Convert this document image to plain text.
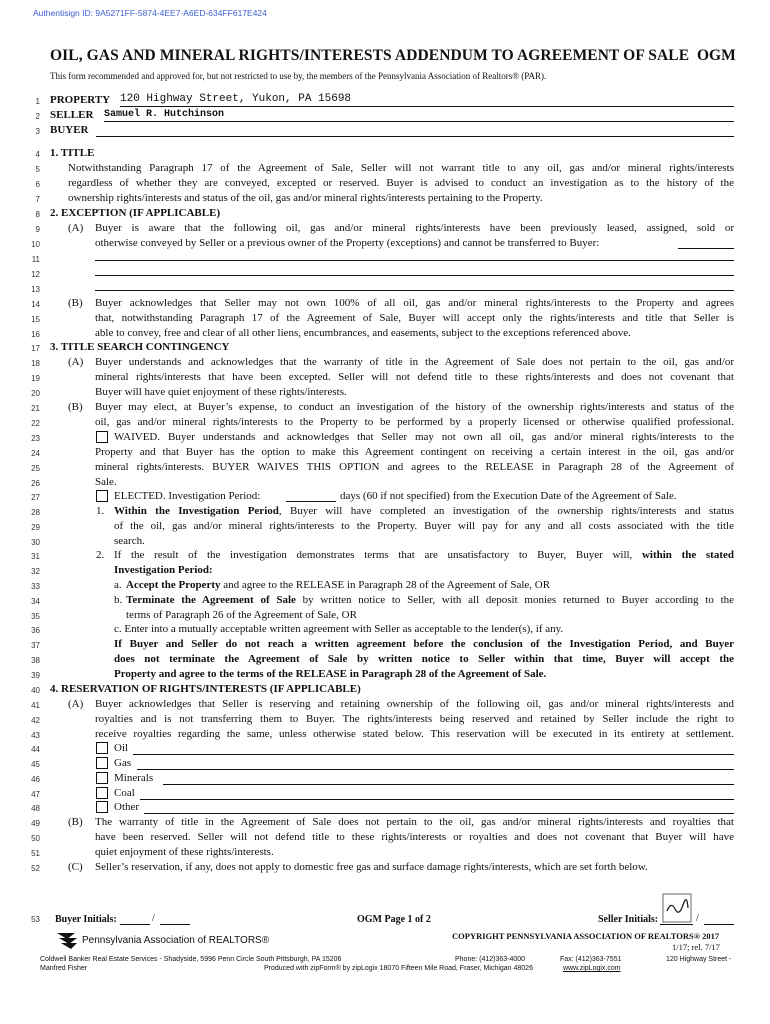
Authentisign ID: 9A5271FF-5874-4EE7-A6ED-634FF617E424
OIL, GAS AND MINERAL RIGHTS/INTERESTS ADDENDUM TO AGREEMENT OF SALE OGM
This form recommended and approved for, but not restricted to use by, the members of the Pennsylvania Association of Realtors® (PAR).
1
2
3
4
5
6
7
8
9
10
11
12
13
14
15
16
17
18
19
20
21
22
23
24
25
26
27
28
29
30
31
32
33
34
35
36
37
38
39
40
41
42
43
44
45
46
47
48
49
50
51
52
PROPERTY 120 Highway Street, Yukon, PA 15698
SELLER Samuel R. Hutchinson
BUYER
1. TITLE
Notwithstanding Paragraph 17 of the Agreement of Sale, Seller will not warrant title to any oil, gas and/or mineral rights/interests
regardless of whether they are conveyed, excepted or reserved. Buyer is advised to conduct an investigation as to the history of the
ownership rights/interests and status of the oil, gas and/or mineral rights/interests pertaining to the Property.
2. EXCEPTION (IF APPLICABLE)
(A) Buyer is aware that the following oil, gas and/or mineral rights/interests have been previously leased, assigned, sold or
otherwise conveyed by Seller or a previous owner of the Property (exceptions) and cannot be transferred to Buyer:
(B) Buyer acknowledges that Seller may not own 100% of all oil, gas and/or mineral rights/interests to the Property and agrees
that, notwithstanding Paragraph 17 of the Agreement of Sale, Buyer will accept only the rights/interests and title that Seller is
able to convey, free and clear of all other liens, encumbrances, and easements, subject to the exceptions referenced above.
3. TITLE SEARCH CONTINGENCY
(A) Buyer understands and acknowledges that the warranty of title in the Agreement of Sale does not pertain to the oil, gas and/or
mineral rights/interests that have been excepted. Seller will not defend title to these rights/interests and does not covenant that
Buyer will have quiet enjoyment of these rights/interests.
(B) Buyer may elect, at Buyer’s expense, to conduct an investigation of the history of the ownership rights/interests and status of the
oil, gas and/or mineral rights/interests to the Property to be performed by a properly licensed or otherwise qualified professional.
WAIVED. Buyer understands and acknowledges that Seller may not own all oil, gas and/or mineral rights/interests to the
Property and that Buyer has the option to make this Agreement contingent on receiving a certain interest in the oil, gas and/or
mineral rights/interests. BUYER WAIVES THIS OPTION and agrees to the RELEASE in Paragraph 28 of the Agreement of
Sale.
ELECTED. Investigation Period:	days (60 if not specified) from the Execution Date of the Agreement of Sale.
1. Within the Investigation Period, Buyer will have completed an investigation of the ownership rights/interests and status
of the oil, gas and/or mineral rights/interests to the Property. Buyer will pay for any and all costs associated with the title
search.
2. If the result of the investigation demonstrates terms that are unsatisfactory to Buyer, Buyer will, within the stated
Investigation Period:
a. Accept the Property and agree to the RELEASE in Paragraph 28 of the Agreement of Sale, OR
b. Terminate the Agreement of Sale by written notice to Seller, with all deposit monies returned to Buyer according to the
terms of Paragraph 26 of the Agreement of Sale, OR
c. Enter into a mutually acceptable written agreement with Seller as acceptable to the lender(s), if any.
If Buyer and Seller do not reach a written agreement before the conclusion of the Investigation Period, and Buyer
does not terminate the Agreement of Sale by written notice to Seller within that time, Buyer will accept the
Property and agree to the terms of the RELEASE in Paragraph 28 of the Agreement of Sale.
4. RESERVATION OF RIGHTS/INTERESTS (IF APPLICABLE)
(A) Buyer acknowledges that Seller is reserving and retaining ownership of the following oil, gas and/or mineral rights/interests and
royalties and is not transferring them to Buyer. The rights/interests being reserved and retained by Seller include the right to
receive royalties regarding the same, unless otherwise stated below. This reservation will be executed in its entirety at settlement.
Oil
Gas
Minerals
Coal
Other
(B) The warranty of title in the Agreement of Sale does not pertain to the oil, gas and/or mineral rights/interests and royalties that
have been reserved. Seller will not defend title to these rights/interests or royalties and does not covenant that Buyer will have
quiet enjoyment of these rights/interests.
(C) Seller’s reservation, if any, does not apply to domestic free gas and surface damage rights/interests, which are set forth below.
53 Buyer Initials:	/	OGM Page 1 of 2	Seller Initials:	/
Pennsylvania Association of REALTORS®	COPYRIGHT PENNSYLVANIA ASSOCIATION OF REALTORS® 2017
1/17; rel. 7/17
Coldwell Banker Real Estate Services - Shadyside, 5996 Penn Circle South Pittsburgh, PA 15206	Phone: (412)363-4000	Fax: (412)363-7551	120 Highway Street -
Manfred Fisher	Produced with zipForm® by zipLogix 18070 Fifteen Mile Road, Fraser, Michigan 48026	www.zipLogix.com
